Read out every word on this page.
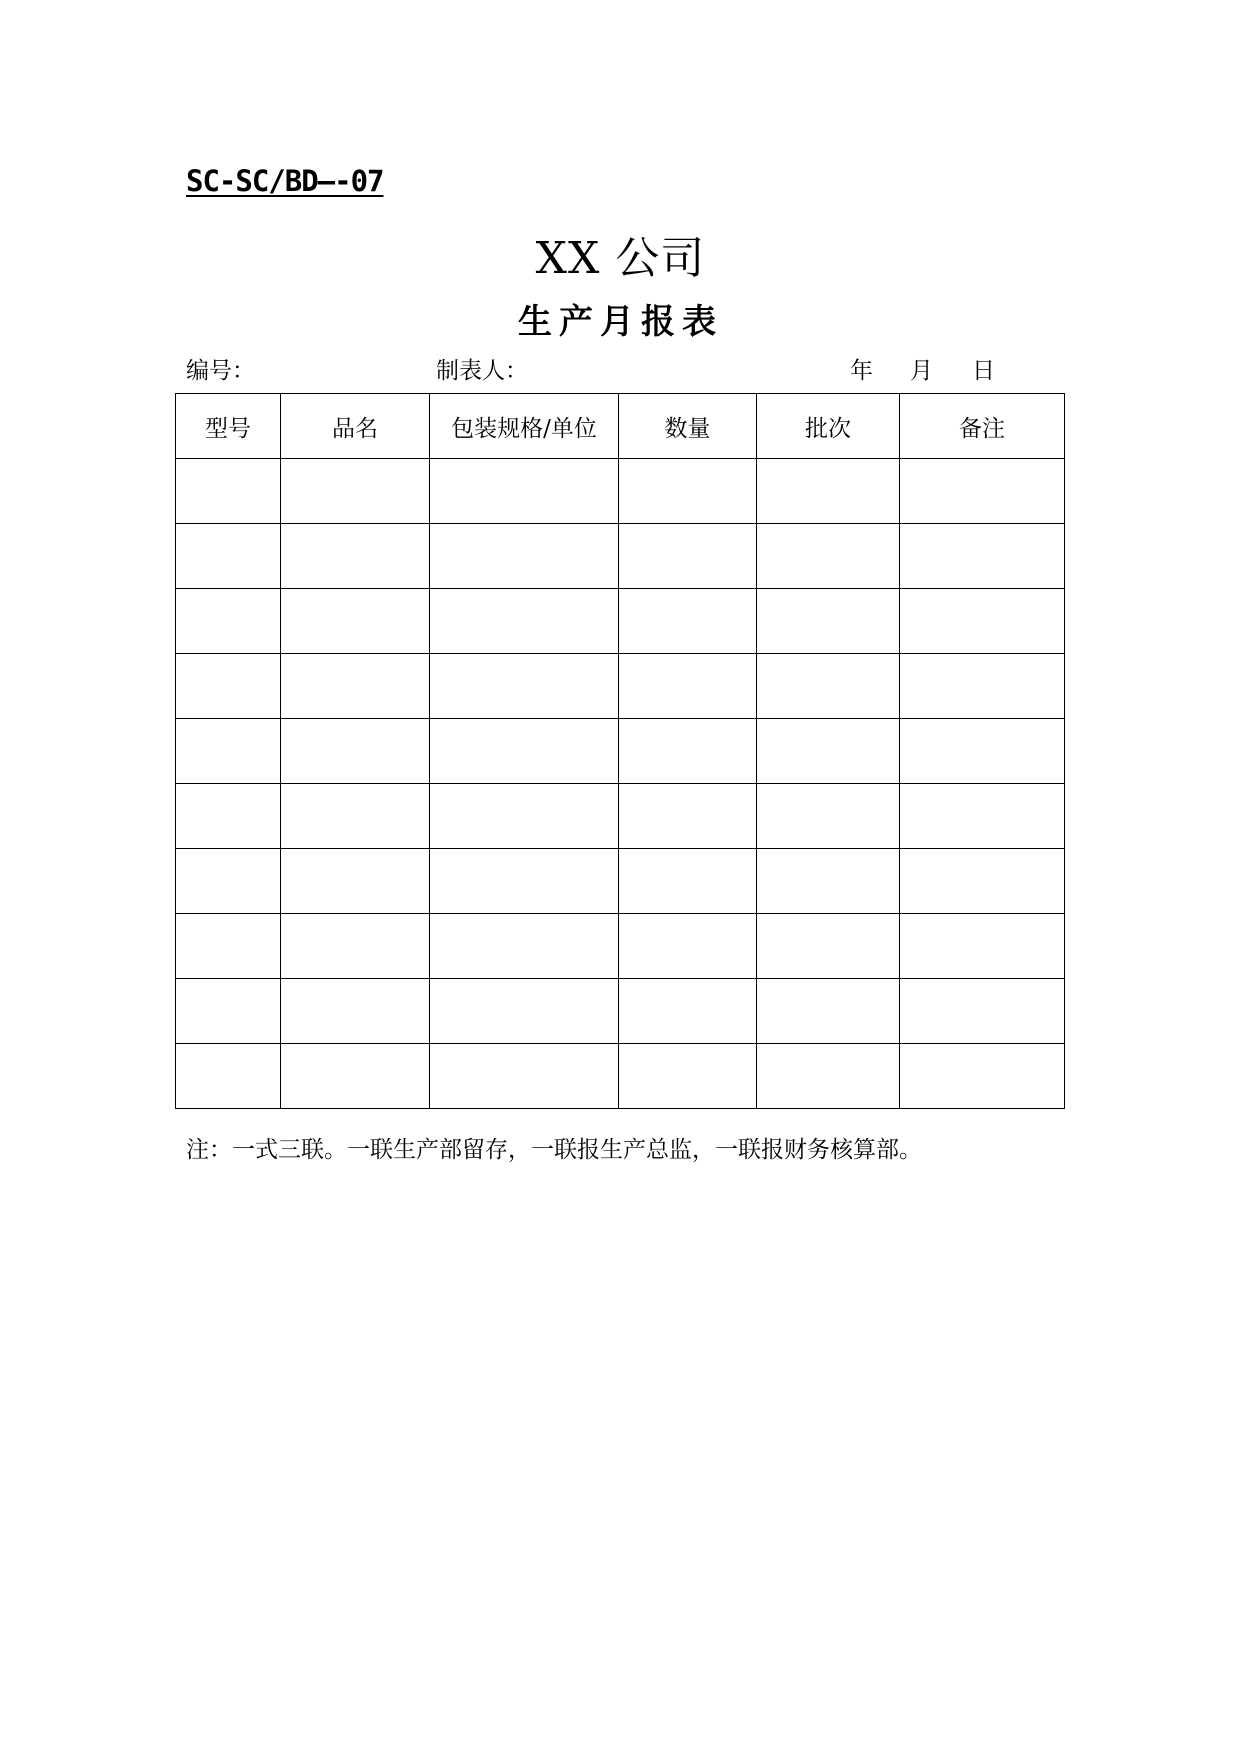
SC-SC/BD—-07
XX 公司
生产月报表
编号：	制表人：	年 月 日
型号	品名	包装规格/单位	数量	批次	备注

注：一式三联。一联生产部留存，一联报生产总监，一联报财务核算部。
